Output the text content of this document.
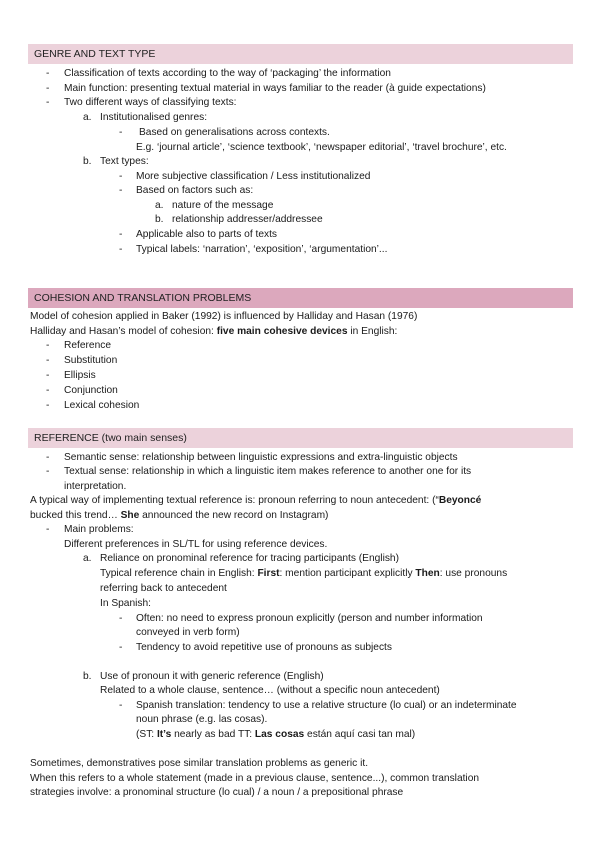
GENRE AND TEXT TYPE
- Classification of texts according to the way of ‘packaging’ the information
- Main function: presenting textual material in ways familiar to the reader (à guide expectations)
- Two different ways of classifying texts:
a. Institutionalised genres:
- Based on generalisations across contexts.
E.g. ‘journal article’, ‘science textbook’, ‘newspaper editorial’, ‘travel brochure’, etc.
b. Text types:
- More subjective classification / Less institutionalized
- Based on factors such as:
a. nature of the message
b. relationship addresser/addressee
- Applicable also to parts of texts
- Typical labels: ‘narration’, ‘exposition’, ‘argumentation’...
COHESION AND TRANSLATION PROBLEMS
Model of cohesion applied in Baker (1992) is influenced by Halliday and Hasan (1976)
Halliday and Hasan’s model of cohesion: five main cohesive devices in English:
- Reference
- Substitution
- Ellipsis
- Conjunction
- Lexical cohesion
REFERENCE (two main senses)
- Semantic sense: relationship between linguistic expressions and extra-linguistic objects
- Textual sense: relationship in which a linguistic item makes reference to another one for its
interpretation.
A typical way of implementing textual reference is: pronoun referring to noun antecedent: (“Beyoncé
bucked this trend… She announced the new record on Instagram)
- Main problems:
Different preferences in SL/TL for using reference devices.
a. Reliance on pronominal reference for tracing participants (English)
Typical reference chain in English: First: mention participant explicitly Then: use pronouns
referring back to antecedent
In Spanish:
- Often: no need to express pronoun explicitly (person and number information
conveyed in verb form)
- Tendency to avoid repetitive use of pronouns as subjects
b. Use of pronoun it with generic reference (English)
Related to a whole clause, sentence… (without a specific noun antecedent)
- Spanish translation: tendency to use a relative structure (lo cual) or an indeterminate
noun phrase (e.g. las cosas).
(ST: It’s nearly as bad TT: Las cosas están aquí casi tan mal)
Sometimes, demonstratives pose similar translation problems as generic it.
When this refers to a whole statement (made in a previous clause, sentence...), common translation
strategies involve: a pronominal structure (lo cual) / a noun / a prepositional phrase
